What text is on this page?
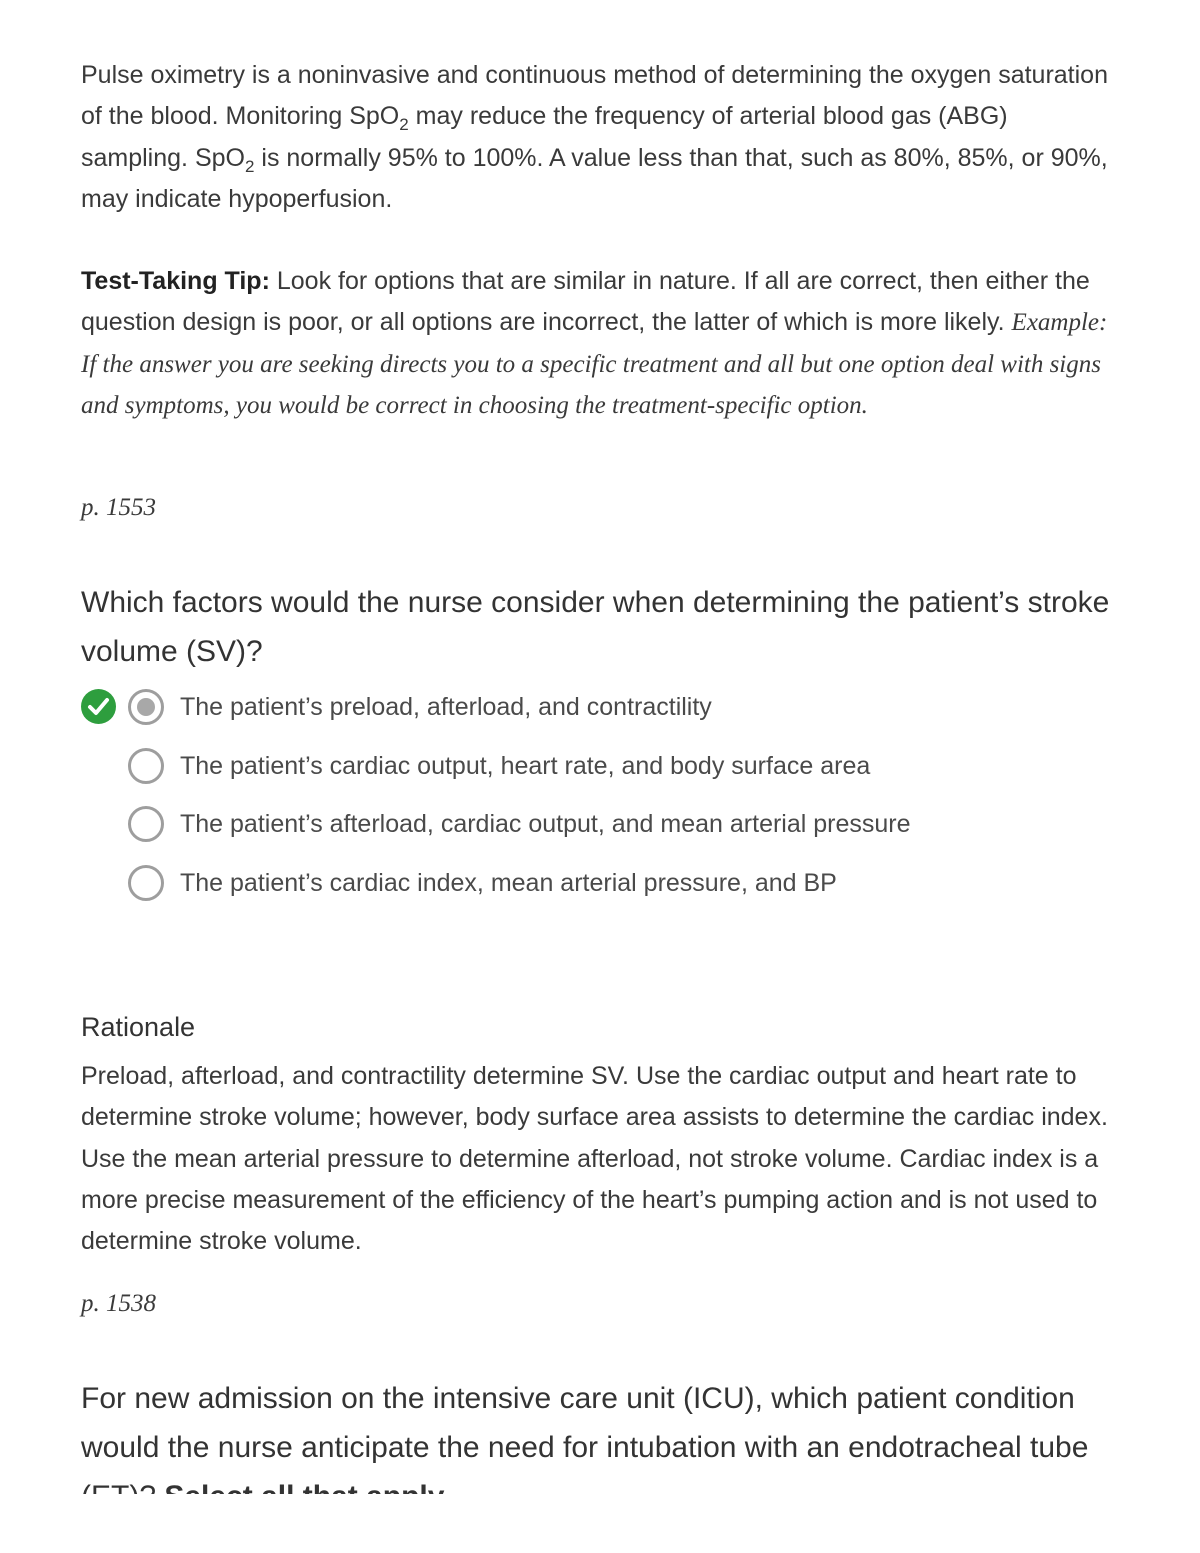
Pulse oximetry is a noninvasive and continuous method of determining the oxygen saturation of the blood. Monitoring SpO$_2$ may reduce the frequency of arterial blood gas (ABG) sampling. SpO$_2$ is normally 95% to 100%. A value less than that, such as 80%, 85%, or 90%, may indicate hypoperfusion.

Test-Taking Tip: Look for options that are similar in nature. If all are correct, then either the question design is poor, or all options are incorrect, the latter of which is more likely. Example: If the answer you are seeking directs you to a specific treatment and all but one option deal with signs and symptoms, you would be correct in choosing the treatment-specific option.

p. 1553

Which factors would the nurse consider when determining the patient’s stroke volume (SV)?

The patient’s preload, afterload, and contractility
The patient’s cardiac output, heart rate, and body surface area
The patient’s afterload, cardiac output, and mean arterial pressure
The patient’s cardiac index, mean arterial pressure, and BP

Rationale

Preload, afterload, and contractility determine SV. Use the cardiac output and heart rate to determine stroke volume; however, body surface area assists to determine the cardiac index. Use the mean arterial pressure to determine afterload, not stroke volume. Cardiac index is a more precise measurement of the efficiency of the heart’s pumping action and is not used to determine stroke volume.

p. 1538

For new admission on the intensive care unit (ICU), which patient condition would the nurse anticipate the need for intubation with an endotracheal tube
